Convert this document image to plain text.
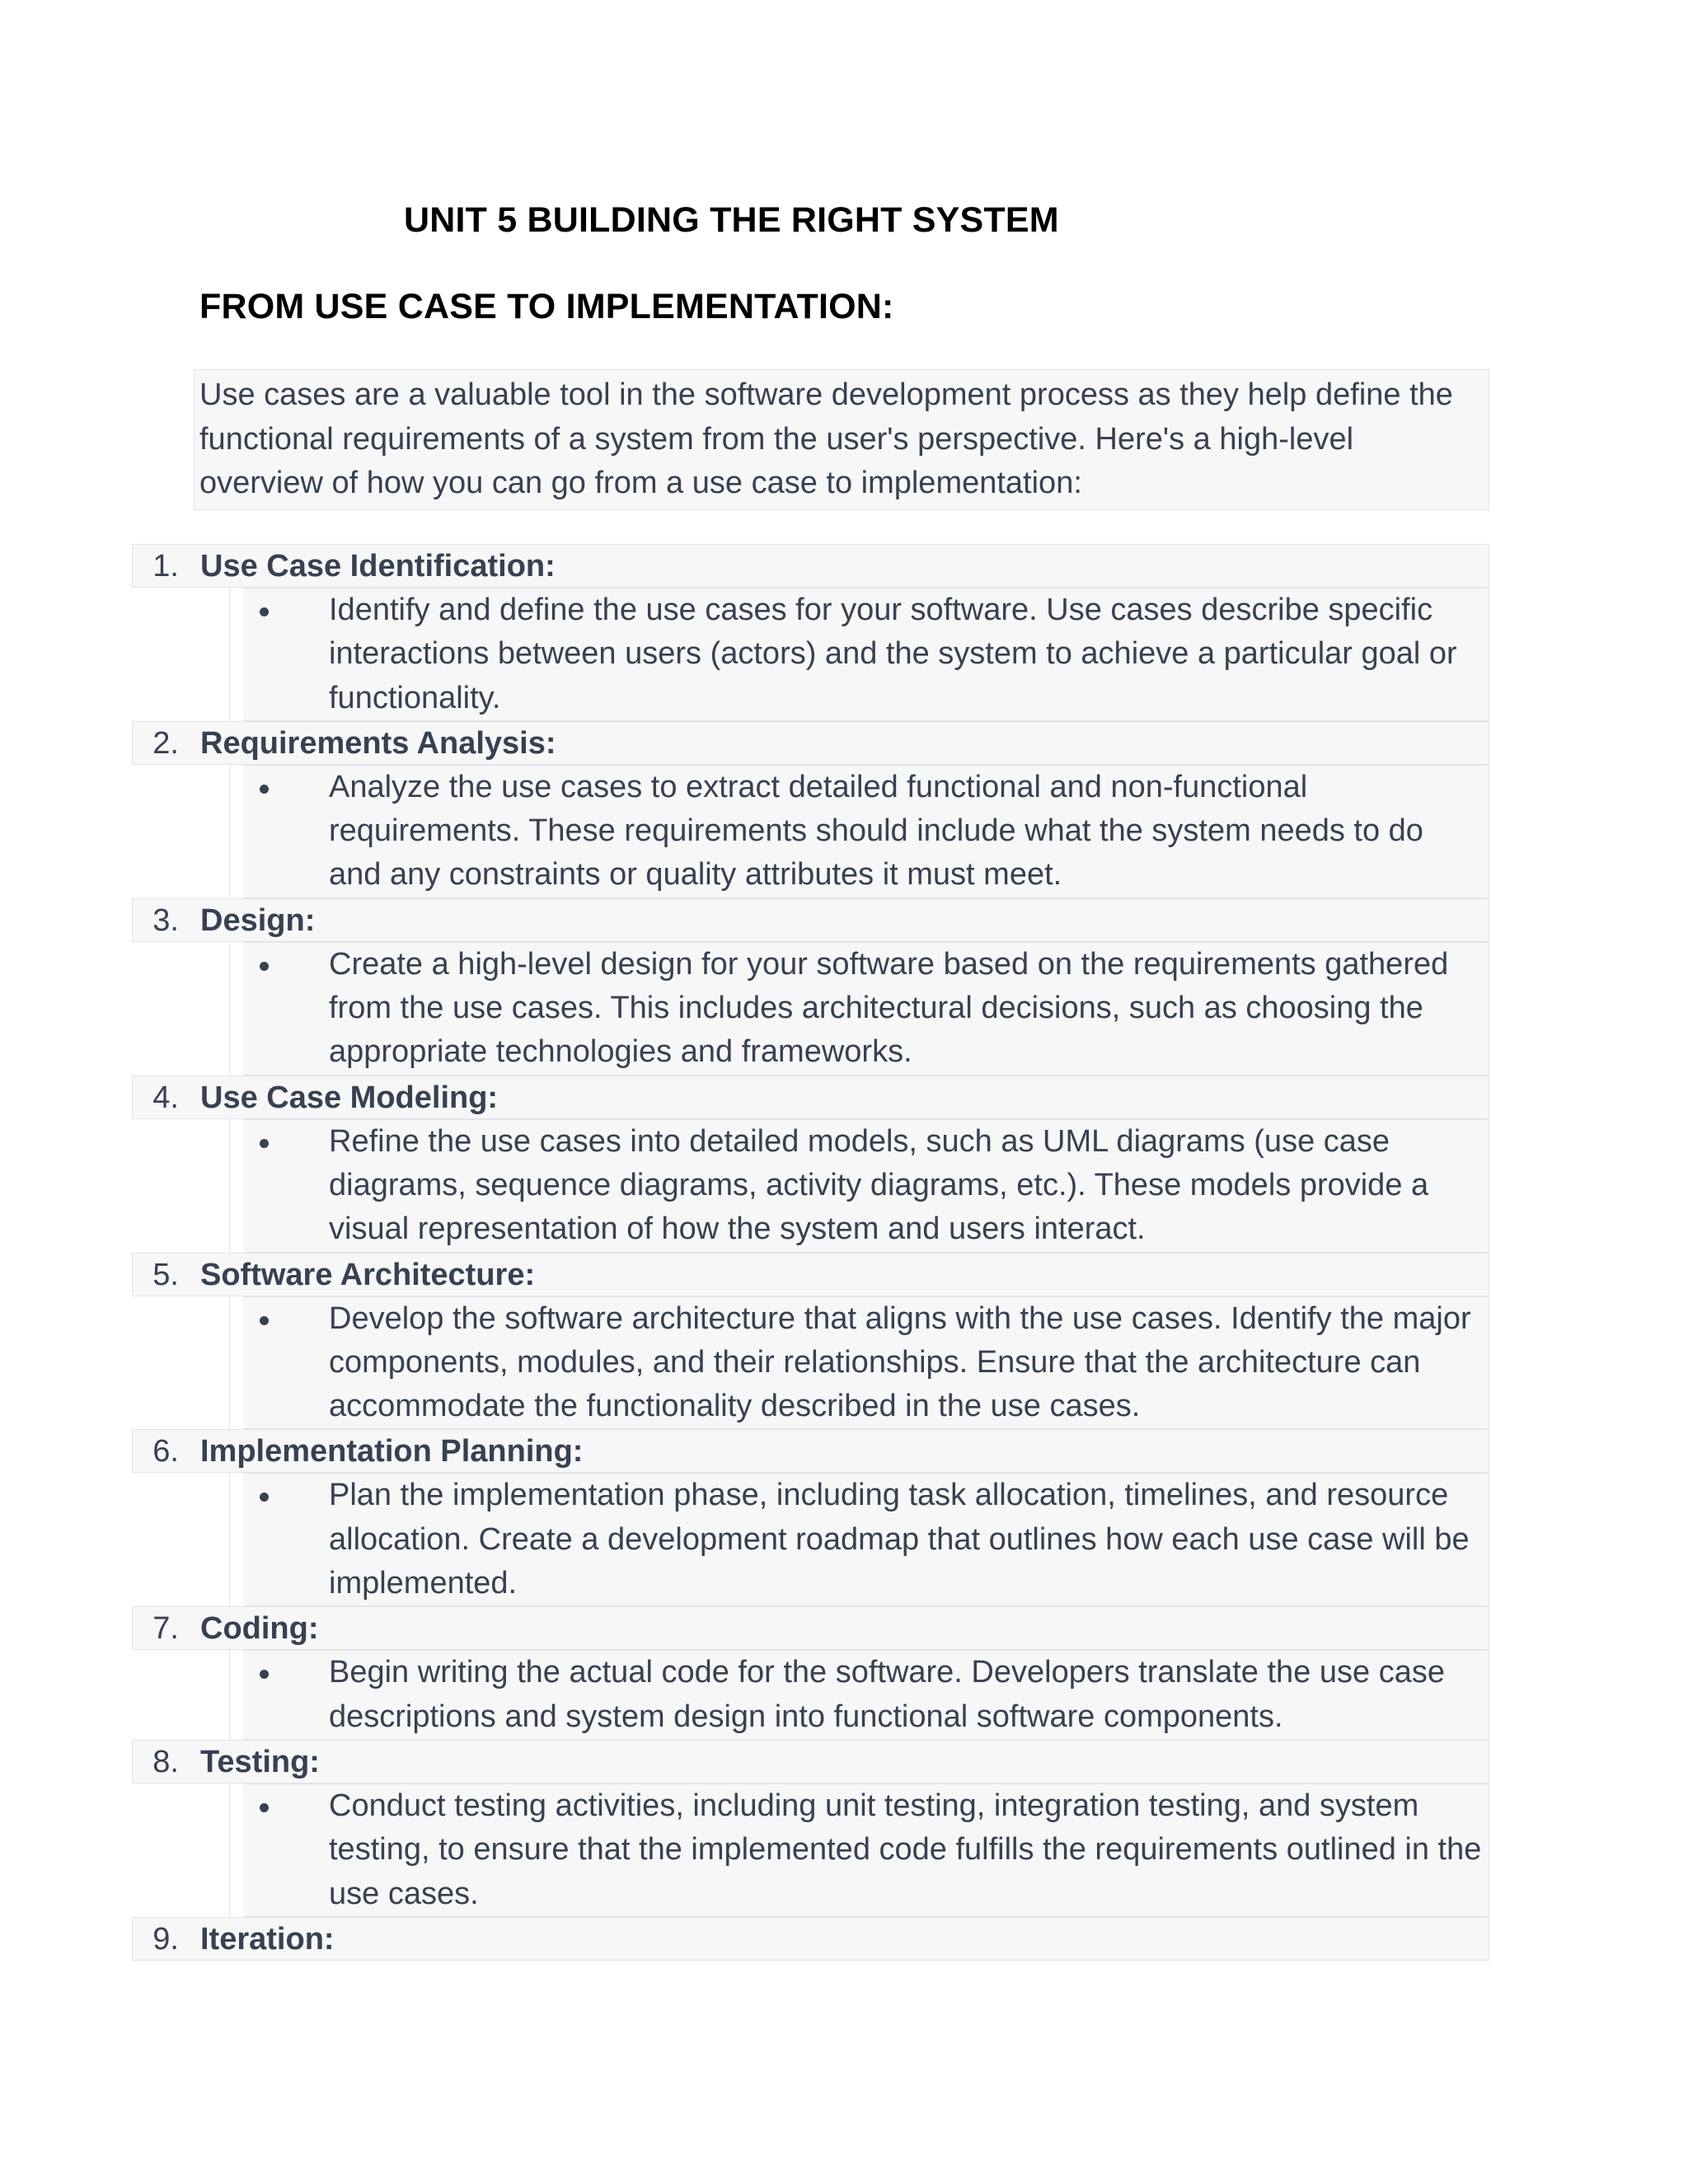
UNIT 5 BUILDING THE RIGHT SYSTEM
FROM USE CASE TO IMPLEMENTATION:
Use cases are a valuable tool in the software development process as they help define the functional requirements of a system from the user's perspective. Here's a high-level overview of how you can go from a use case to implementation:
1. Use Case Identification:
Identify and define the use cases for your software. Use cases describe specific interactions between users (actors) and the system to achieve a particular goal or functionality.
2. Requirements Analysis:
Analyze the use cases to extract detailed functional and non-functional requirements. These requirements should include what the system needs to do and any constraints or quality attributes it must meet.
3. Design:
Create a high-level design for your software based on the requirements gathered from the use cases. This includes architectural decisions, such as choosing the appropriate technologies and frameworks.
4. Use Case Modeling:
Refine the use cases into detailed models, such as UML diagrams (use case diagrams, sequence diagrams, activity diagrams, etc.). These models provide a visual representation of how the system and users interact.
5. Software Architecture:
Develop the software architecture that aligns with the use cases. Identify the major components, modules, and their relationships. Ensure that the architecture can accommodate the functionality described in the use cases.
6. Implementation Planning:
Plan the implementation phase, including task allocation, timelines, and resource allocation. Create a development roadmap that outlines how each use case will be implemented.
7. Coding:
Begin writing the actual code for the software. Developers translate the use case descriptions and system design into functional software components.
8. Testing:
Conduct testing activities, including unit testing, integration testing, and system testing, to ensure that the implemented code fulfills the requirements outlined in the use cases.
9. Iteration:
